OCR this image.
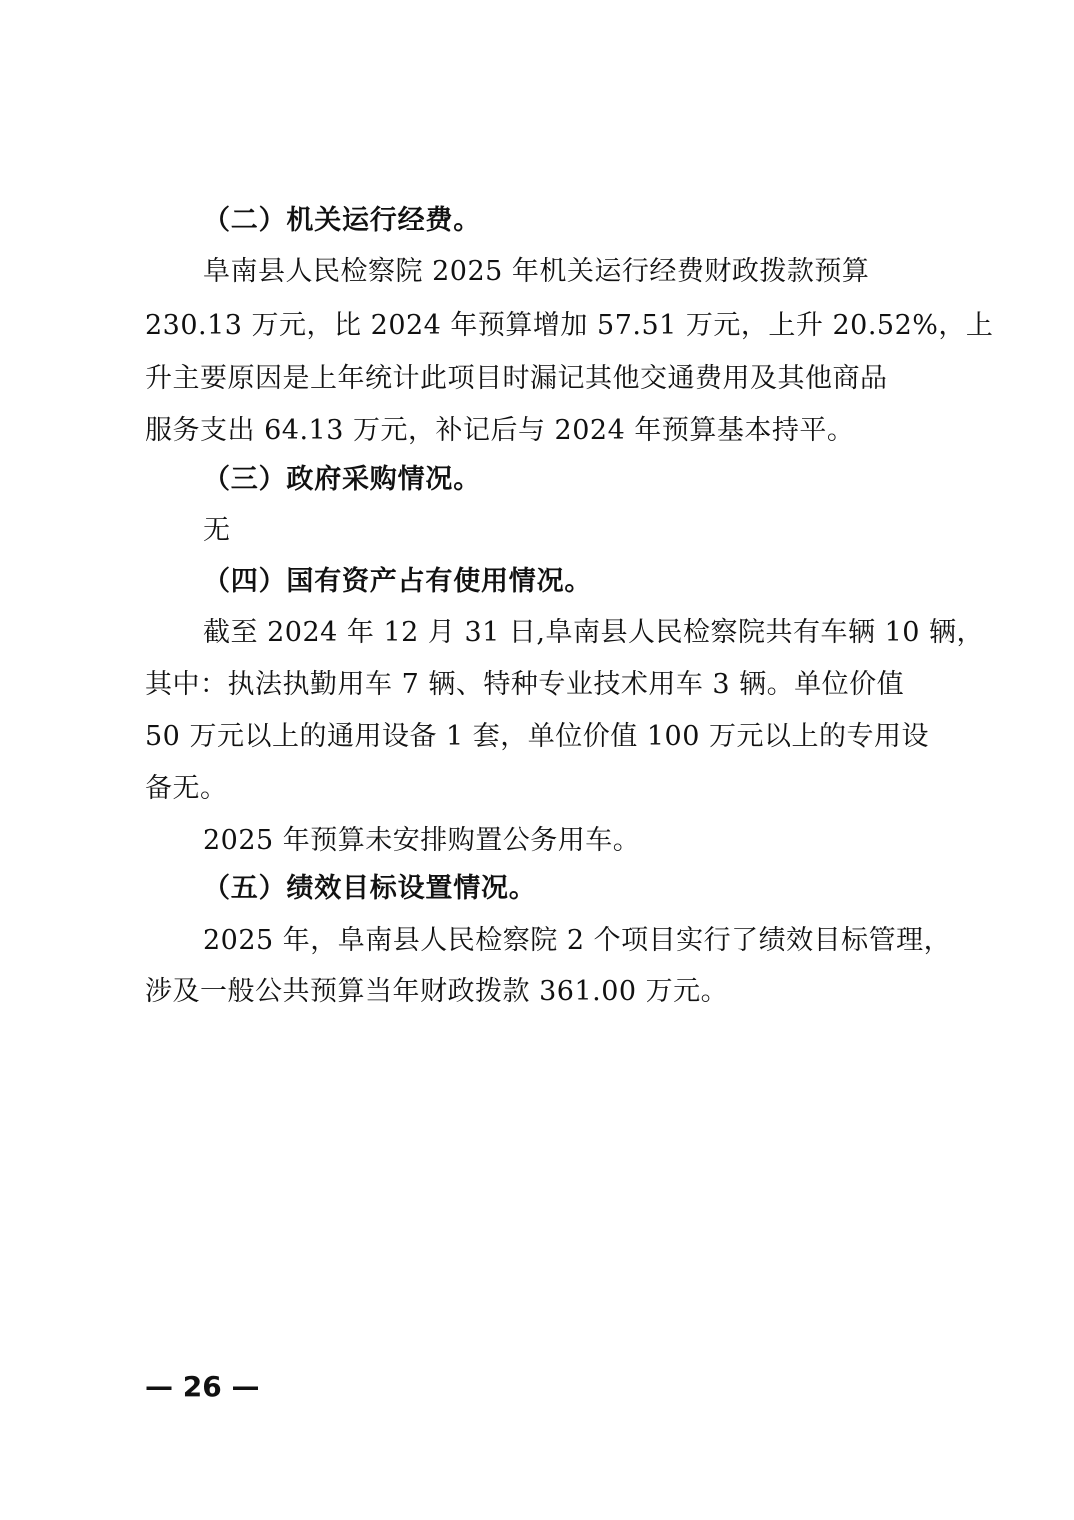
（二）机关运行经费。
阜南县人民检察院 2025 年机关运行经费财政拨款预算
230.13 万元，比 2024 年预算增加 57.51 万元，上升 20.52%，上
升主要原因是上年统计此项目时漏记其他交通费用及其他商品
服务支出 64.13 万元，补记后与 2024 年预算基本持平。
（三）政府采购情况。
无
（四）国有资产占有使用情况。
截至 2024 年 12 月 31 日,阜南县人民检察院共有车辆 10 辆，
其中：执法执勤用车 7 辆、特种专业技术用车 3 辆。单位价值
50 万元以上的通用设备 1 套，单位价值 100 万元以上的专用设
备无。
2025 年预算未安排购置公务用车。
（五）绩效目标设置情况。
2025 年，阜南县人民检察院 2 个项目实行了绩效目标管理，
涉及一般公共预算当年财政拨款 361.00 万元。
— 26 —
